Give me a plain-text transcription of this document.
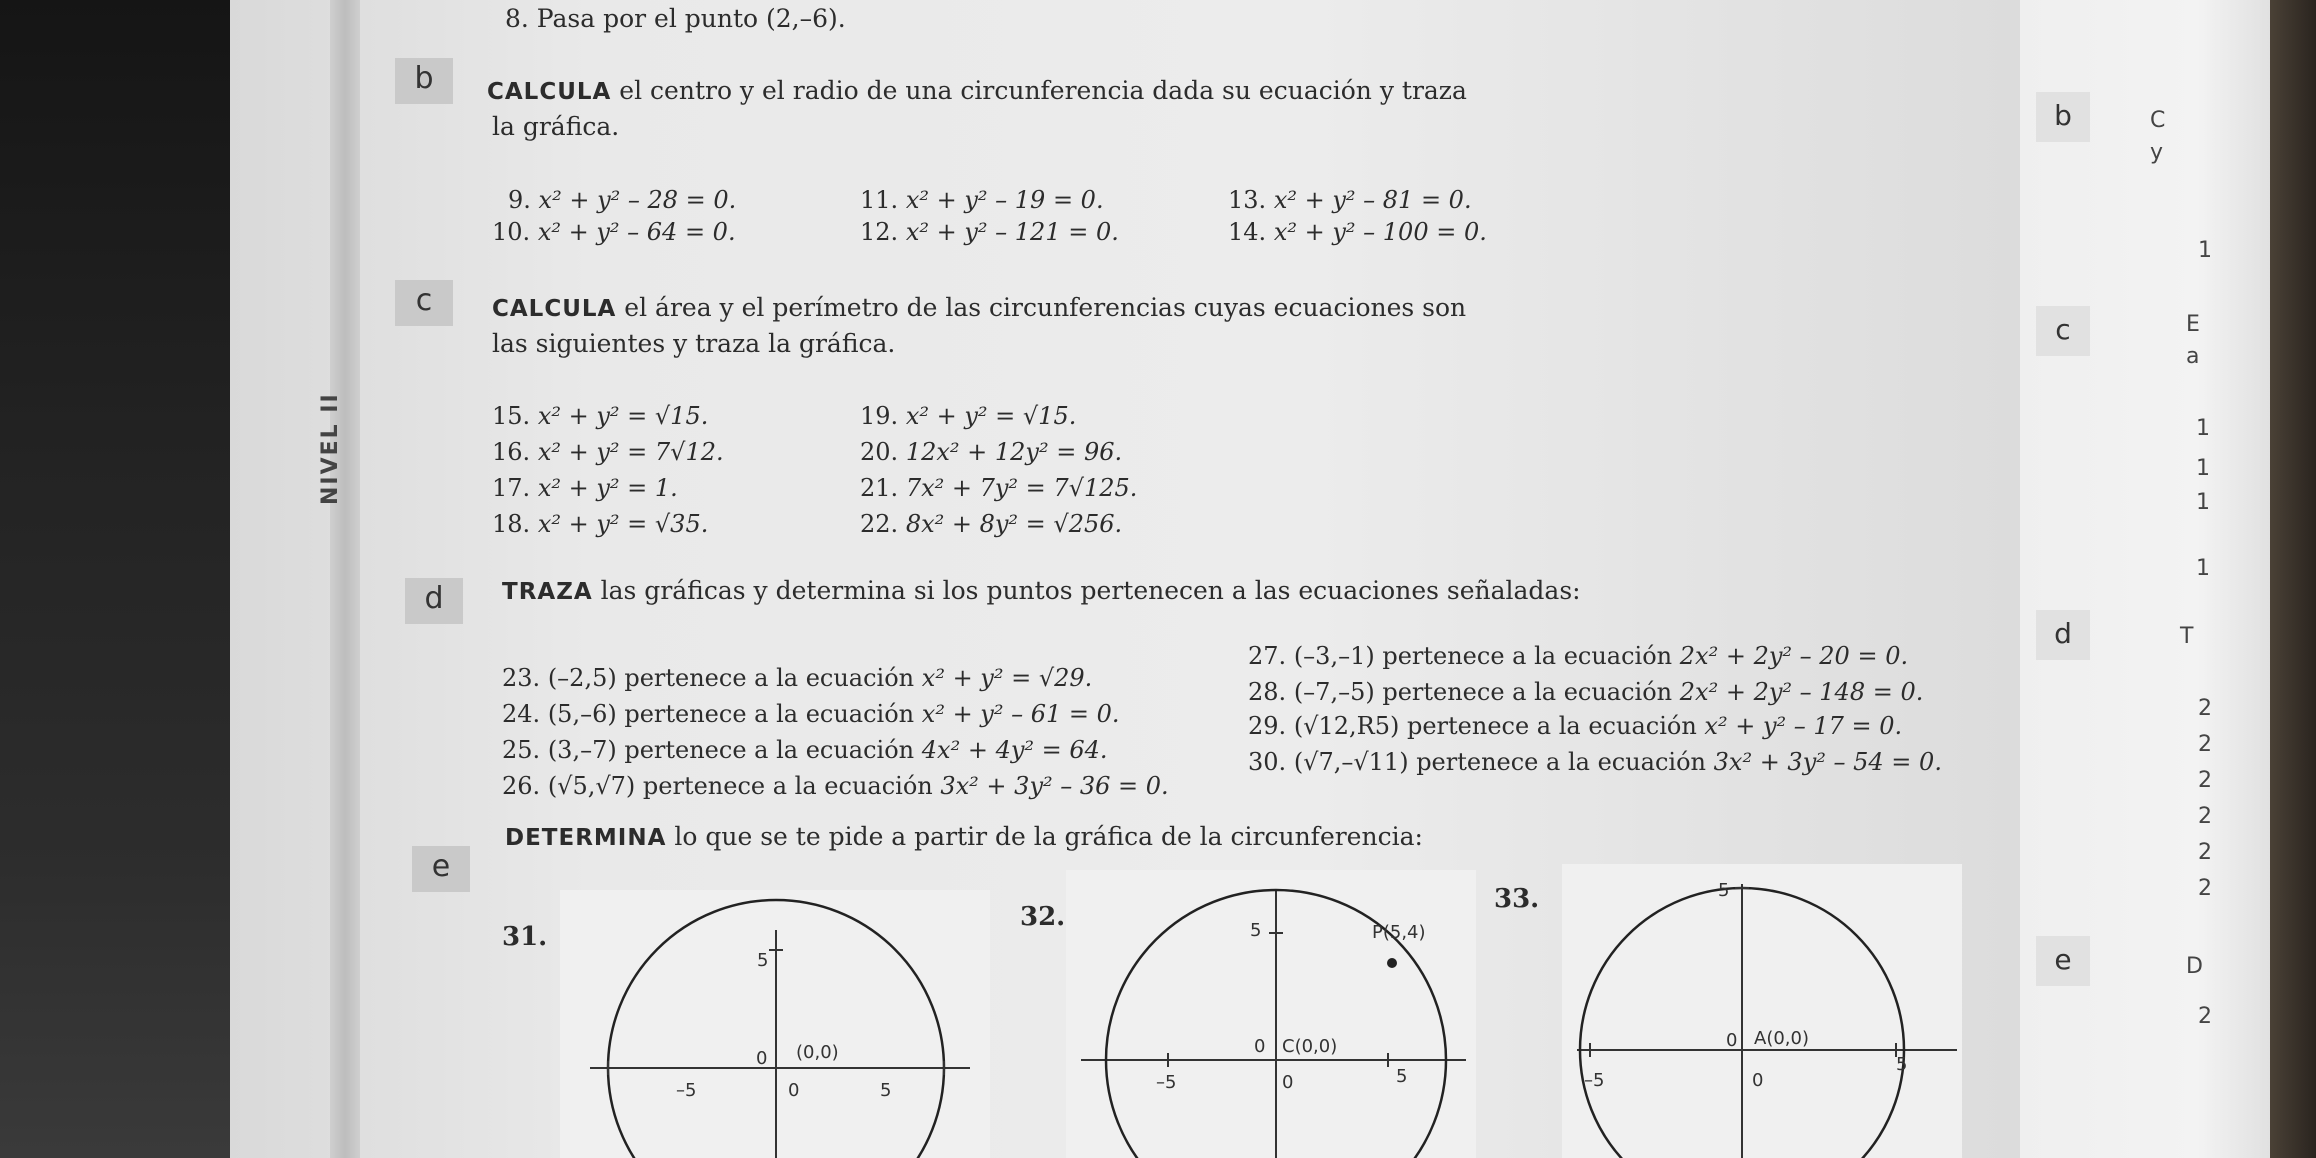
NIVEL II
8. Pasa por el punto (2,–6).
b	CALCULA el centro y el radio de una circunferencia dada su ecuación y traza
la gráfica.
9. x² + y² – 28 = 0.	11. x² + y² – 19 = 0.	13. x² + y² – 81 = 0.
10. x² + y² – 64 = 0.	12. x² + y² – 121 = 0.	14. x² + y² – 100 = 0.
c	CALCULA el área y el perímetro de las circunferencias cuyas ecuaciones son
las siguientes y traza la gráfica.
15. x² + y² = √15.	19. x² + y² = √15.
16. x² + y² = 7√12.	20. 12x² + 12y² = 96.
17. x² + y² = 1.	21. 7x² + 7y² = 7√125.
18. x² + y² = √35.	22. 8x² + 8y² = √256.
d	TRAZA las gráficas y determina si los puntos pertenecen a las ecuaciones señaladas:
23. (–2,5) pertenece a la ecuación x² + y² = √29.
27. (–3,–1) pertenece a la ecuación 2x² + 2y² – 20 = 0.
24. (5,–6) pertenece a la ecuación x² + y² – 61 = 0.
28. (–7,–5) pertenece a la ecuación 2x² + 2y² – 148 = 0.
25. (3,–7) pertenece a la ecuación 4x² + 4y² = 64.
29. (√12,R5) pertenece a la ecuación x² + y² – 17 = 0.
26. (√5,√7) pertenece a la ecuación 3x² + 3y² – 36 = 0.
30. (√7,–√11) pertenece a la ecuación 3x² + 3y² – 54 = 0.
e
DETERMINA lo que se te pide a partir de la gráfica de la circunferencia:
31.
5
0 (0,0)
–5	0	5
32.	5	P(5,4)
0 C(0,0)
–5	0	5
33.	5
0 A(0,0)
–5	0
5
b
c
d
e
C
y
1
E
a
1
1
1
1
T
2
2
2
2
2
2
D
2
